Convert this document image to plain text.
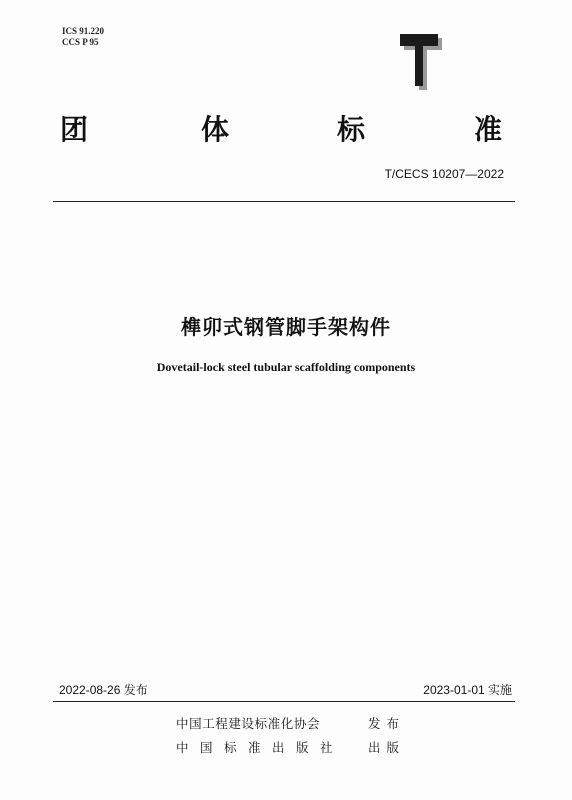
ICS 91.220
CCS P 95
团	体	标	准
T/CECS 10207—2022
榫卯式钢管脚手架构件
Dovetail-lock steel tubular scaffolding components
2022-08-26 发布	2023-01-01 实施
中国工程建设标准化协会	发布
中国标准出版社 出版
